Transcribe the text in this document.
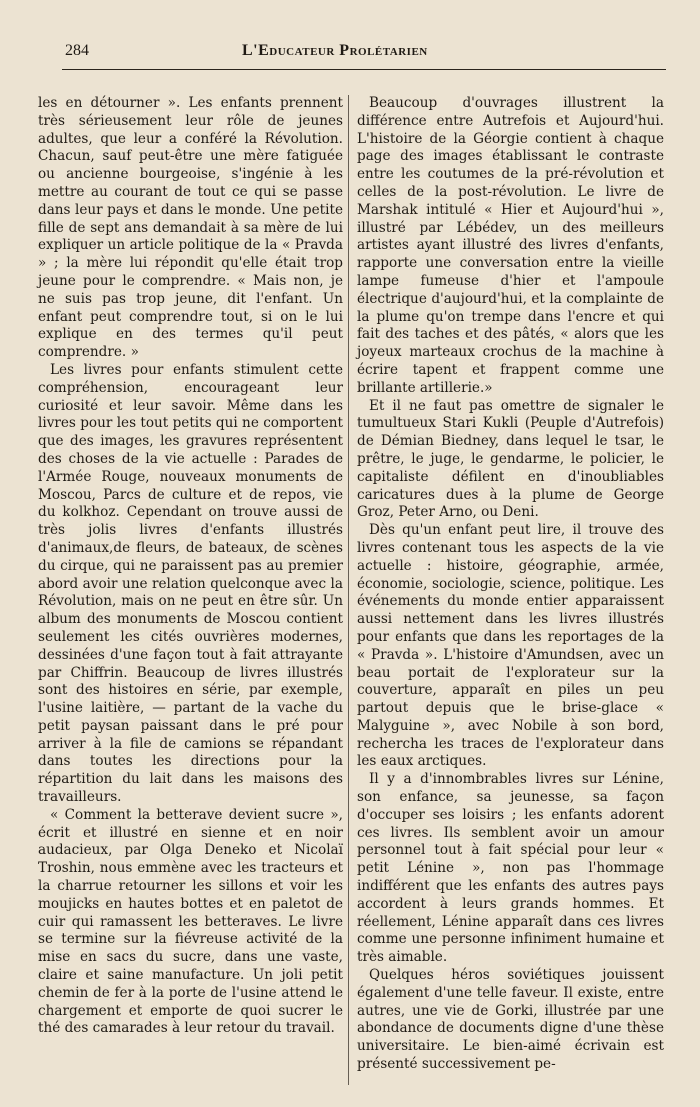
284	L'Educateur Prolétarien

les en détourner ». Les enfants prennent très sérieusement leur rôle de jeunes adultes, que leur a conféré la Révolution. Chacun, sauf peut-être une mère fatiguée ou ancienne bourgeoise, s'ingénie à les mettre au courant de tout ce qui se passe dans leur pays et dans le monde. Une petite fille de sept ans demandait à sa mère de lui expliquer un article politique de la « Pravda » ; la mère lui répondit qu'elle était trop jeune pour le comprendre. « Mais non, je ne suis pas trop jeune, dit l'enfant. Un enfant peut comprendre tout, si on le lui explique en des termes qu'il peut comprendre. »

Les livres pour enfants stimulent cette compréhension, encourageant leur curiosité et leur savoir. Même dans les livres pour les tout petits qui ne comportent que des images, les gravures représentent des choses de la vie actuelle : Parades de l'Armée Rouge, nouveaux monuments de Moscou, Parcs de culture et de repos, vie du kolkhoz. Cependant on trouve aussi de très jolis livres d'enfants illustrés d'animaux,de fleurs, de bateaux, de scènes du cirque, qui ne paraissent pas au premier abord avoir une relation quelconque avec la Révolution, mais on ne peut en être sûr. Un album des monuments de Moscou contient seulement les cités ouvrières modernes, dessinées d'une façon tout à fait attrayante par Chiffrin. Beaucoup de livres illustrés sont des histoires en série, par exemple, l'usine laitière, — partant de la vache du petit paysan paissant dans le pré pour arriver à la file de camions se répandant dans toutes les directions pour la répartition du lait dans les maisons des travailleurs.

« Comment la betterave devient sucre », écrit et illustré en sienne et en noir audacieux, par Olga Deneko et Nicolaï Troshin, nous emmène avec les tracteurs et la charrue retourner les sillons et voir les moujicks en hautes bottes et en paletot de cuir qui ramassent les betteraves. Le livre se termine sur la fiévreuse activité de la mise en sacs du sucre, dans une vaste, claire et saine manufacture. Un joli petit chemin de fer à la porte de l'usine attend le chargement et emporte de quoi sucrer le thé des camarades à leur retour du travail.

Beaucoup d'ouvrages illustrent la différence entre Autrefois et Aujourd'hui. L'histoire de la Géorgie contient à chaque page des images établissant le contraste entre les coutumes de la pré-révolution et celles de la post-révolution. Le livre de Marshak intitulé « Hier et Aujourd'hui », illustré par Lébédev, un des meilleurs artistes ayant illustré des livres d'enfants, rapporte une conversation entre la vieille lampe fumeuse d'hier et l'ampoule électrique d'aujourd'hui, et la complainte de la plume qu'on trempe dans l'encre et qui fait des taches et des pâtés, « alors que les joyeux marteaux crochus de la machine à écrire tapent et frappent comme une brillante artillerie.»

Et il ne faut pas omettre de signaler le tumultueux Stari Kukli (Peuple d'Autrefois) de Démian Biedney, dans lequel le tsar, le prêtre, le juge, le gendarme, le policier, le capitaliste défilent en d'inoubliables caricatures dues à la plume de George Groz, Peter Arno, ou Deni.

Dès qu'un enfant peut lire, il trouve des livres contenant tous les aspects de la vie actuelle : histoire, géographie, armée, économie, sociologie, science, politique. Les événements du monde entier apparaissent aussi nettement dans les livres illustrés pour enfants que dans les reportages de la « Pravda ». L'histoire d'Amundsen, avec un beau portait de l'explorateur sur la couverture, apparaît en piles un peu partout depuis que le brise-glace « Malyguine », avec Nobile à son bord, rechercha les traces de l'explorateur dans les eaux arctiques.

Il y a d'innombrables livres sur Lénine, son enfance, sa jeunesse, sa façon d'occuper ses loisirs ; les enfants adorent ces livres. Ils semblent avoir un amour personnel tout à fait spécial pour leur « petit Lénine », non pas l'hommage indifférent que les enfants des autres pays accordent à leurs grands hommes. Et réellement, Lénine apparaît dans ces livres comme une personne infiniment humaine et très aimable.

Quelques héros soviétiques jouissent également d'une telle faveur. Il existe, entre autres, une vie de Gorki, illustrée par une abondance de documents digne d'une thèse universitaire. Le bien-aimé écrivain est présenté successivement pe-
